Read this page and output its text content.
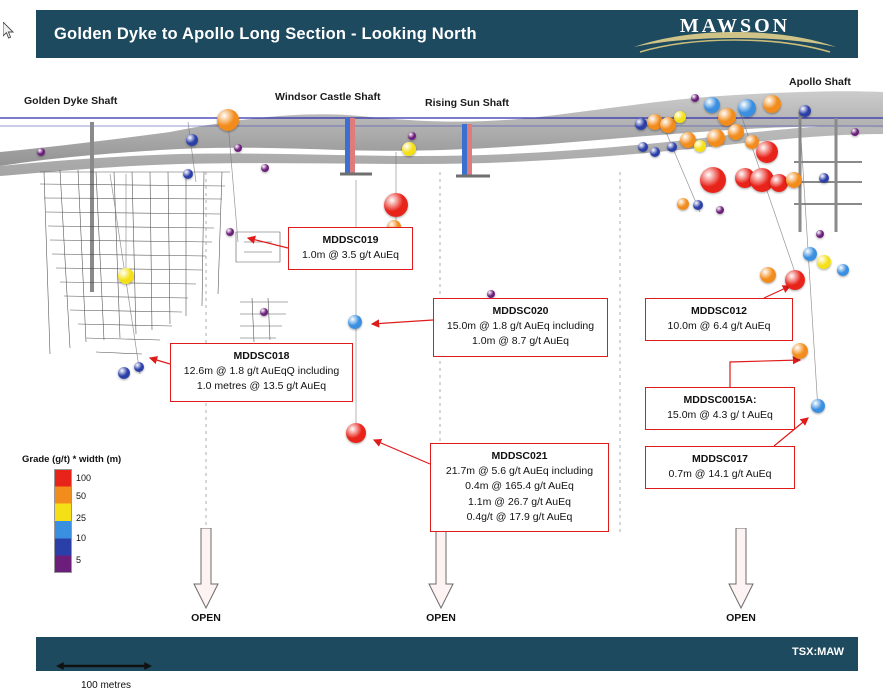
Golden Dyke to Apollo Long Section - Looking North	MAWSON
Golden Dyke Shaft	Windsor Castle Shaft	Rising Sun Shaft
Apollo Shaft
MDDSC019
1.0m @ 3.5 g/t AuEq
MDDSC018
12.6m @ 1.8 g/t AuEqQ including
1.0 metres @ 13.5 g/t AuEq
MDDSC020
15.0m @ 1.8 g/t AuEq including
1.0m @ 8.7 g/t AuEq
MDDSC021
21.7m @ 5.6 g/t AuEq including
0.4m @ 165.4 g/t AuEq
1.1m @ 26.7 g/t AuEq
0.4g/t @ 17.9 g/t AuEq
MDDSC012
10.0m @ 6.4 g/t AuEq
MDDSC0015A:
15.0m @ 4.3 g/ t AuEq
MDDSC017
0.7m @ 14.1 g/t AuEq
Grade (g/t) * width (m)
100
50
25
10
5
100 metres
OPEN	OPEN	OPEN
TSX:MAW
